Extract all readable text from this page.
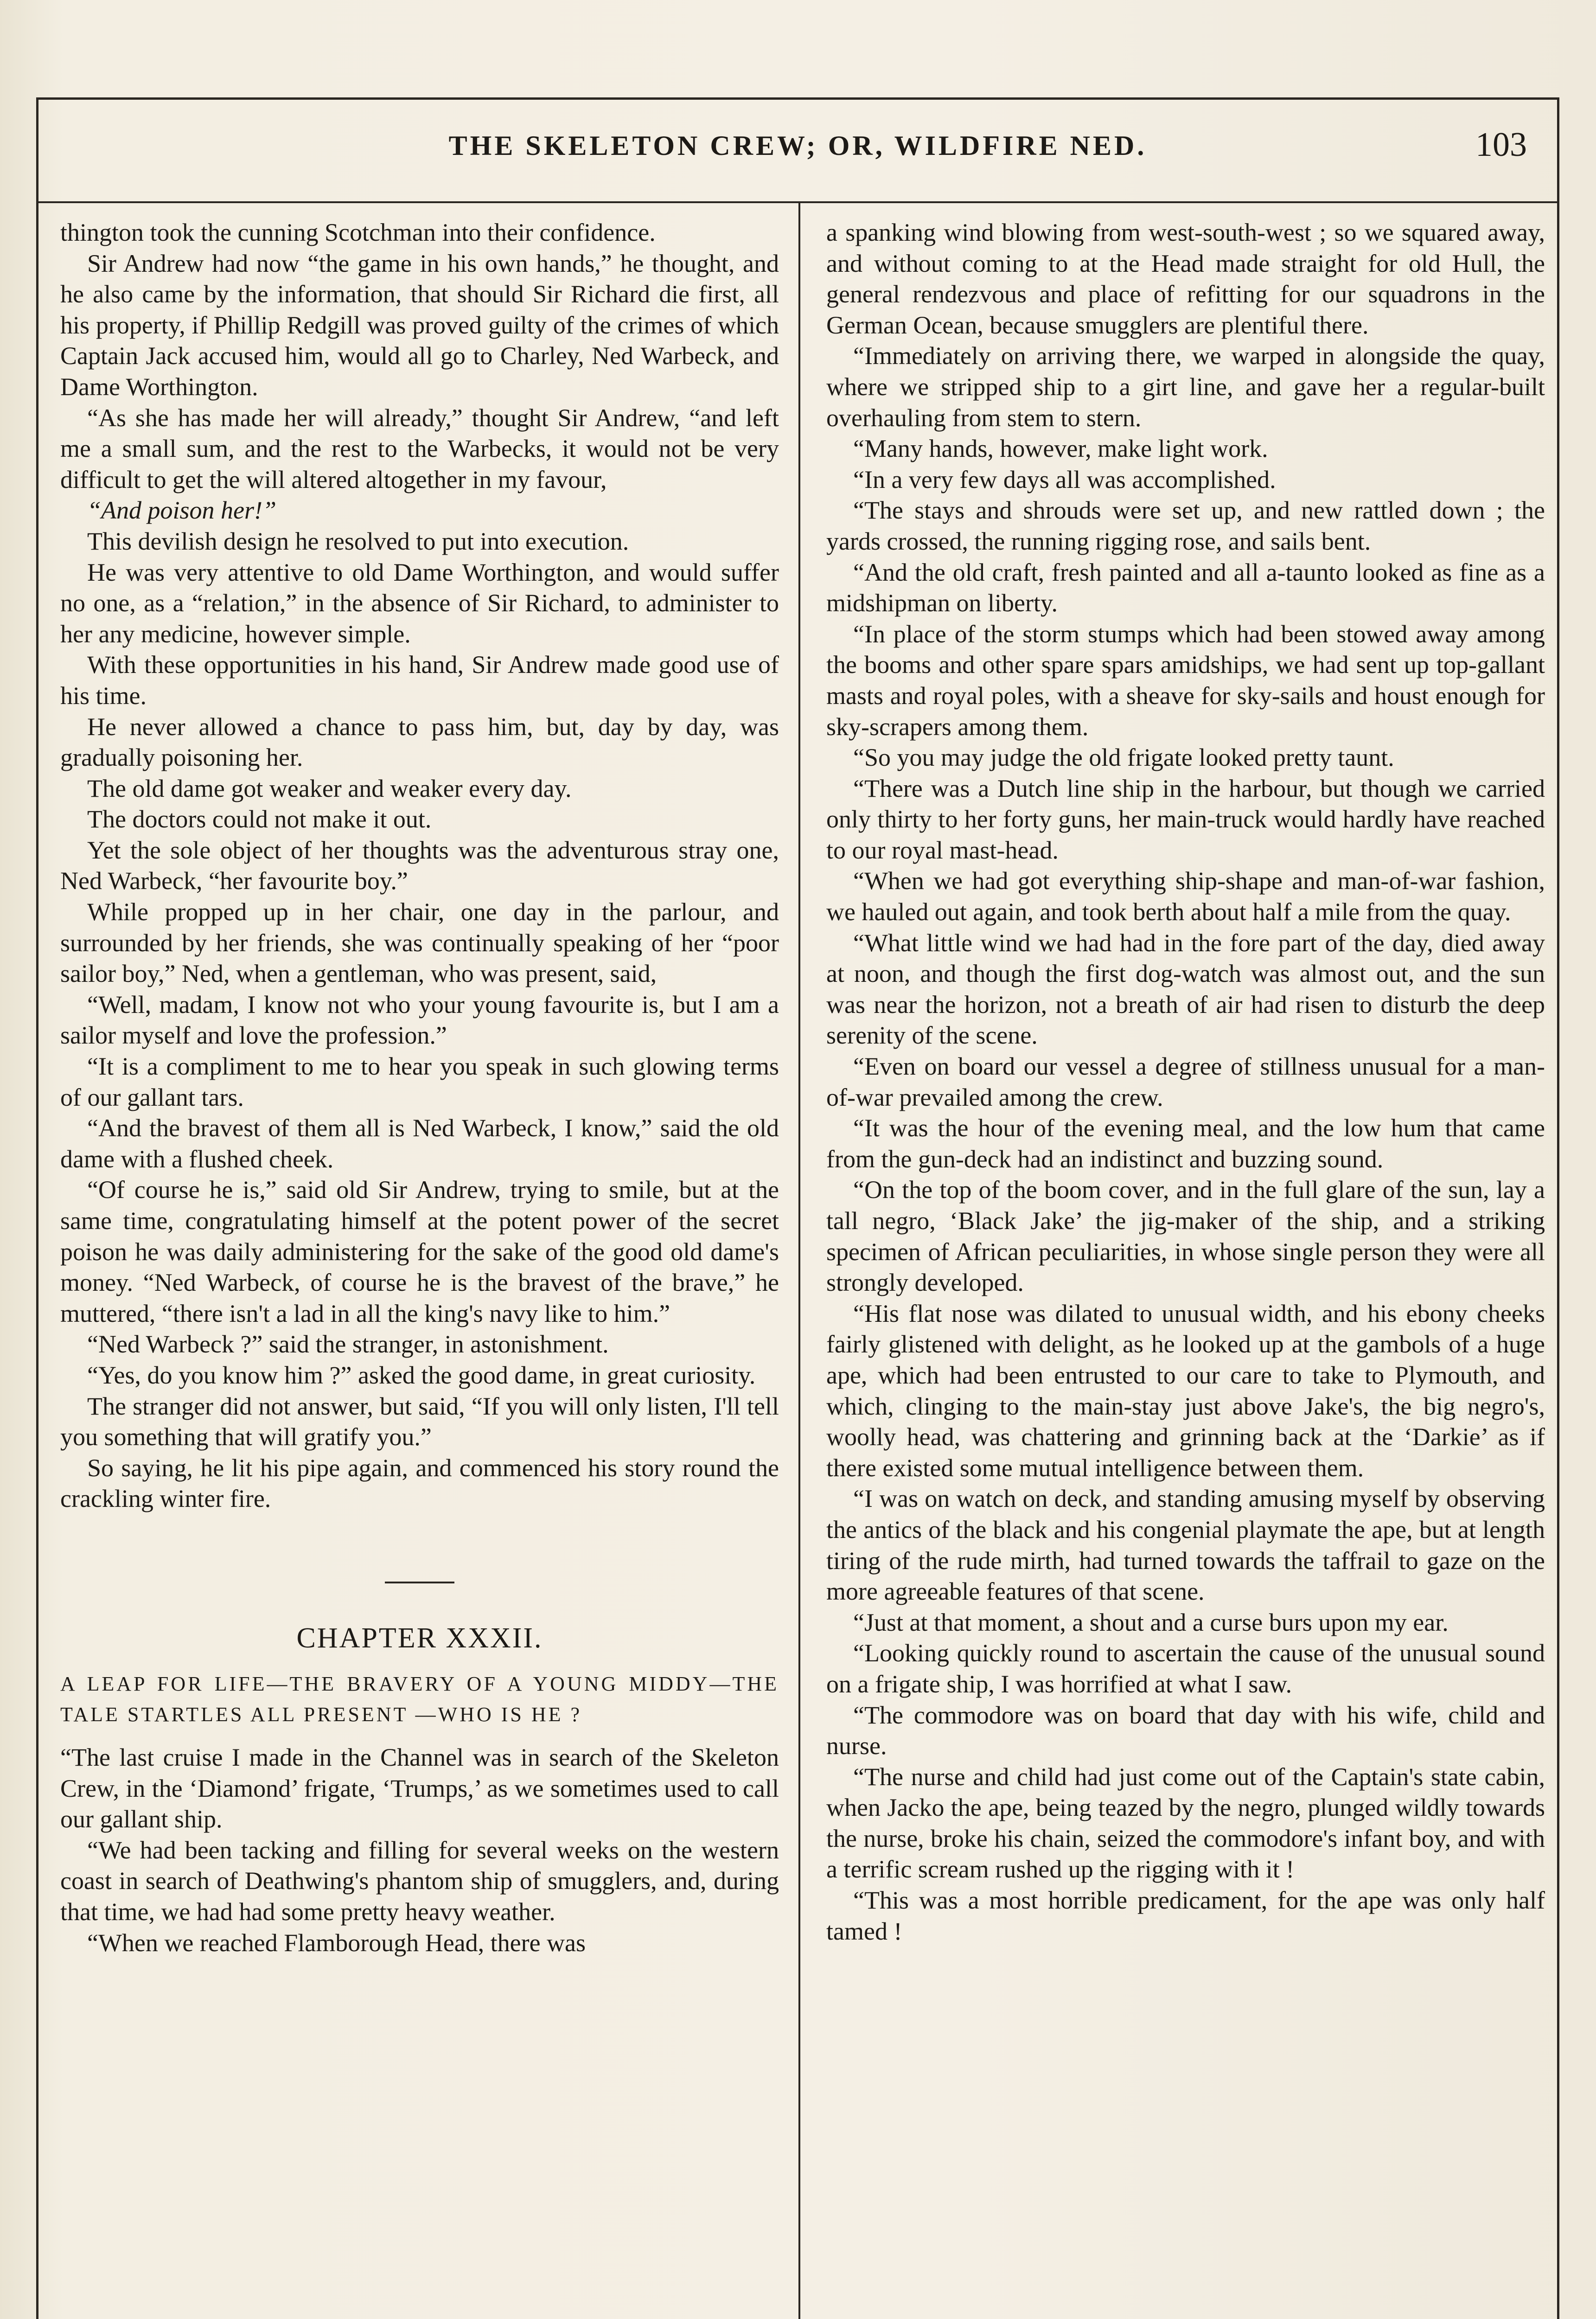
THE SKELETON CREW; OR, WILDFIRE NED.	103

thington took the cunning Scotchman into their confidence.

Sir Andrew had now “the game in his own hands,” he thought, and he also came by the information, that should Sir Richard die first, all his property, if Phillip Redgill was proved guilty of the crimes of which Captain Jack accused him, would all go to Charley, Ned Warbeck, and Dame Worthington.

“As she has made her will already,” thought Sir Andrew, “and left me a small sum, and the rest to the Warbecks, it would not be very difficult to get the will altered altogether in my favour,

“And poison her!”

This devilish design he resolved to put into execution.

He was very attentive to old Dame Worthington, and would suffer no one, as a “relation,” in the absence of Sir Richard, to administer to her any medicine, however simple.

With these opportunities in his hand, Sir Andrew made good use of his time.

He never allowed a chance to pass him, but, day by day, was gradually poisoning her.

The old dame got weaker and weaker every day.

The doctors could not make it out.

Yet the sole object of her thoughts was the adventurous stray one, Ned Warbeck, “her favourite boy.”

While propped up in her chair, one day in the parlour, and surrounded by her friends, she was continually speaking of her “poor sailor boy,” Ned, when a gentleman, who was present, said,

“Well, madam, I know not who your young favourite is, but I am a sailor myself and love the profession.”

“It is a compliment to me to hear you speak in such glowing terms of our gallant tars.

“And the bravest of them all is Ned Warbeck, I know,” said the old dame with a flushed cheek.

“Of course he is,” said old Sir Andrew, trying to smile, but at the same time, congratulating himself at the potent power of the secret poison he was daily administering for the sake of the good old dame's money. “Ned Warbeck, of course he is the bravest of the brave,” he muttered, “there isn't a lad in all the king's navy like to him.”

“Ned Warbeck ?” said the stranger, in astonishment.

“Yes, do you know him ?” asked the good dame, in great curiosity.

The stranger did not answer, but said, “If you will only listen, I'll tell you something that will gratify you.”

So saying, he lit his pipe again, and commenced his story round the crackling winter fire.

CHAPTER XXXII.
A LEAP FOR LIFE—THE BRAVERY OF A YOUNG MIDDY—THE TALE STARTLES ALL PRESENT —WHO IS HE ?

“The last cruise I made in the Channel was in search of the Skeleton Crew, in the ‘Diamond’ frigate, ‘Trumps,’ as we sometimes used to call our gallant ship.

“We had been tacking and filling for several weeks on the western coast in search of Deathwing's phantom ship of smugglers, and, during that time, we had had some pretty heavy weather.

“When we reached Flamborough Head, there was

a spanking wind blowing from west-south-west ; so we squared away, and without coming to at the Head made straight for old Hull, the general rendezvous and place of refitting for our squadrons in the German Ocean, because smugglers are plentiful there.

“Immediately on arriving there, we warped in alongside the quay, where we stripped ship to a girt line, and gave her a regular-built overhauling from stem to stern.

“Many hands, however, make light work.

“In a very few days all was accomplished.

“The stays and shrouds were set up, and new rattled down ; the yards crossed, the running rigging rose, and sails bent.

“And the old craft, fresh painted and all a-taunto looked as fine as a midshipman on liberty.

“In place of the storm stumps which had been stowed away among the booms and other spare spars amidships, we had sent up top-gallant masts and royal poles, with a sheave for sky-sails and houst enough for sky-scrapers among them.

“So you may judge the old frigate looked pretty taunt.

“There was a Dutch line ship in the harbour, but though we carried only thirty to her forty guns, her main-truck would hardly have reached to our royal mast-head.

“When we had got everything ship-shape and man-of-war fashion, we hauled out again, and took berth about half a mile from the quay.

“What little wind we had had in the fore part of the day, died away at noon, and though the first dog-watch was almost out, and the sun was near the horizon, not a breath of air had risen to disturb the deep serenity of the scene.

“Even on board our vessel a degree of stillness unusual for a man-of-war prevailed among the crew.

“It was the hour of the evening meal, and the low hum that came from the gun-deck had an indistinct and buzzing sound.

“On the top of the boom cover, and in the full glare of the sun, lay a tall negro, ‘Black Jake’ the jig-maker of the ship, and a striking specimen of African peculiarities, in whose single person they were all strongly developed.

“His flat nose was dilated to unusual width, and his ebony cheeks fairly glistened with delight, as he looked up at the gambols of a huge ape, which had been entrusted to our care to take to Plymouth, and which, clinging to the main-stay just above Jake's, the big negro's, woolly head, was chattering and grinning back at the ‘Darkie’ as if there existed some mutual intelligence between them.

“I was on watch on deck, and standing amusing myself by observing the antics of the black and his congenial playmate the ape, but at length tiring of the rude mirth, had turned towards the taffrail to gaze on the more agreeable features of that scene.

“Just at that moment, a shout and a curse burs upon my ear.

“Looking quickly round to ascertain the cause of the unusual sound on a frigate ship, I was horrified at what I saw.

“The commodore was on board that day with his wife, child and nurse.

“The nurse and child had just come out of the Captain's state cabin, when Jacko the ape, being teazed by the negro, plunged wildly towards the nurse, broke his chain, seized the commodore's infant boy, and with a terrific scream rushed up the rigging with it !

“This was a most horrible predicament, for the ape was only half tamed !
